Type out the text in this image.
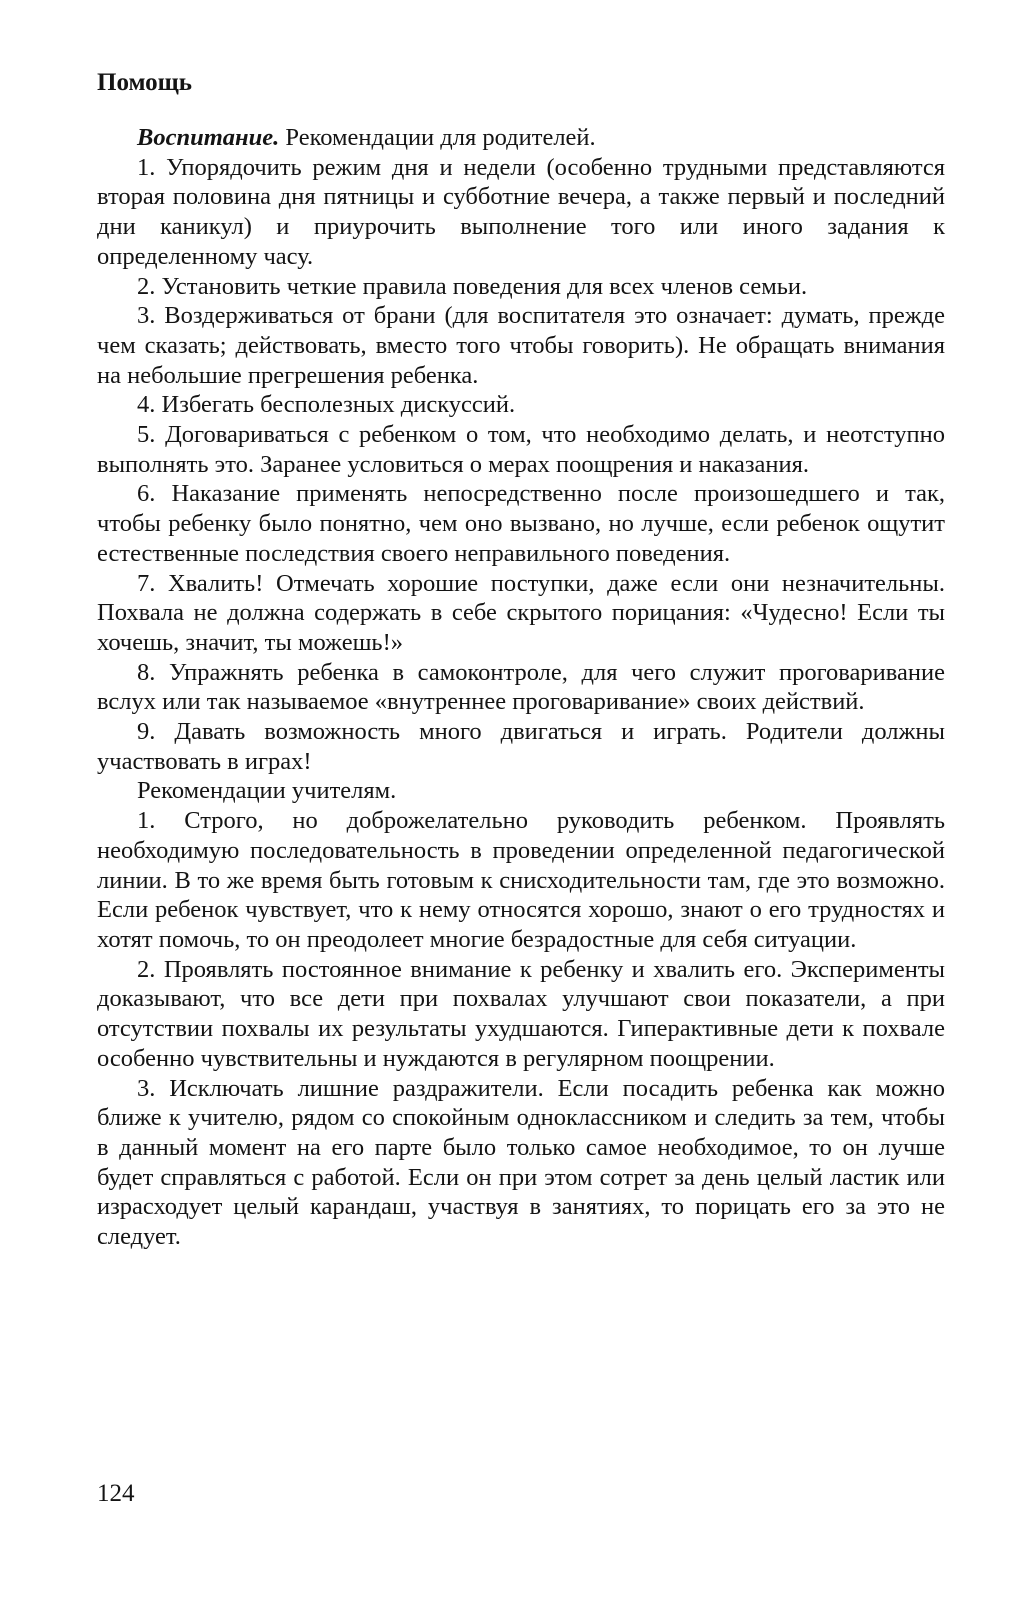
Помощь

Воспитание. Рекомендации для родителей.

1. Упорядочить режим дня и недели (особенно трудными представляются вторая половина дня пятницы и субботние вечера, а также первый и последний дни каникул) и приурочить выполнение того или иного задания к определенному часу.

2. Установить четкие правила поведения для всех членов семьи.

3. Воздерживаться от брани (для воспитателя это означает: думать, прежде чем сказать; действовать, вместо того чтобы говорить). Не обращать внимания на небольшие прегрешения ребенка.

4. Избегать бесполезных дискуссий.

5. Договариваться с ребенком о том, что необходимо делать, и неотступно выполнять это. Заранее условиться о мерах поощрения и наказания.

6. Наказание применять непосредственно после произошедшего и так, чтобы ребенку было понятно, чем оно вызвано, но лучше, если ребенок ощутит естественные последствия своего неправильного поведения.

7. Хвалить! Отмечать хорошие поступки, даже если они незначительны. Похвала не должна содержать в себе скрытого порицания: «Чудесно! Если ты хочешь, значит, ты можешь!»

8. Упражнять ребенка в самоконтроле, для чего служит проговаривание вслух или так называемое «внутреннее проговаривание» своих действий.

9. Давать возможность много двигаться и играть. Родители должны участвовать в играх!

Рекомендации учителям.

1. Строго, но доброжелательно руководить ребенком. Проявлять необходимую последовательность в проведении определенной педагогической линии. В то же время быть готовым к снисходительности там, где это возможно. Если ребенок чувствует, что к нему относятся хорошо, знают о его трудностях и хотят помочь, то он преодолеет многие безрадостные для себя ситуации.

2. Проявлять постоянное внимание к ребенку и хвалить его. Эксперименты доказывают, что все дети при похвалах улучшают свои показатели, а при отсутствии похвалы их результаты ухудшаются. Гиперактивные дети к похвале особенно чувствительны и нуждаются в регулярном поощрении.

3. Исключать лишние раздражители. Если посадить ребенка как можно ближе к учителю, рядом со спокойным одноклассником и следить за тем, чтобы в данный момент на его парте было только самое необходимое, то он лучше будет справляться с работой. Если он при этом сотрет за день целый ластик или израсходует целый карандаш, участвуя в занятиях, то порицать его за это не следует.

124
